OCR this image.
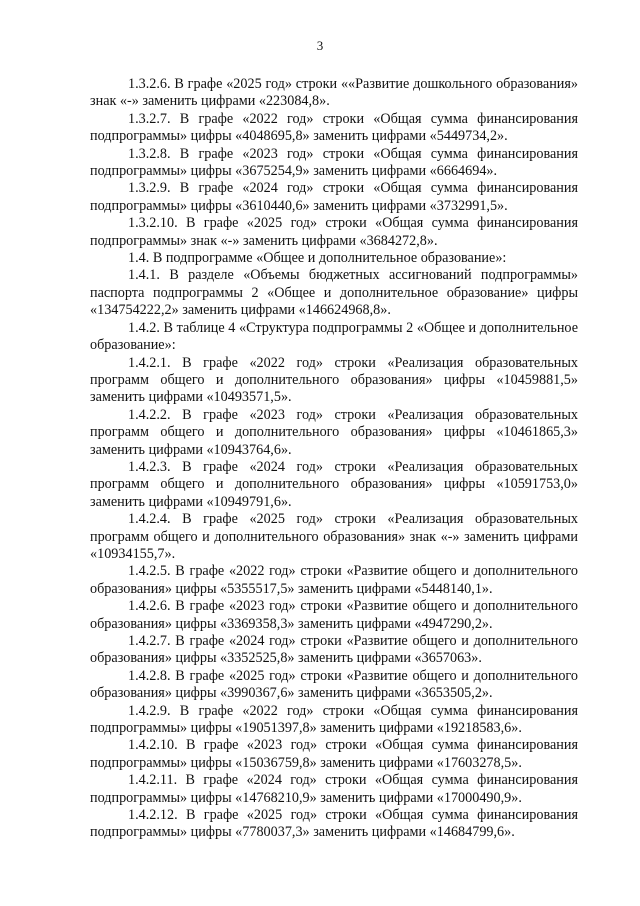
3

1.3.2.6. В графе «2025 год» строки ««Развитие дошкольного образования» знак «-» заменить цифрами «223084,8».

1.3.2.7. В графе «2022 год» строки «Общая сумма финансирования подпрограммы» цифры «4048695,8» заменить цифрами «5449734,2».

1.3.2.8. В графе «2023 год» строки «Общая сумма финансирования подпрограммы» цифры «3675254,9» заменить цифрами «6664694».

1.3.2.9. В графе «2024 год» строки «Общая сумма финансирования подпрограммы» цифры «3610440,6» заменить цифрами «3732991,5».

1.3.2.10. В графе «2025 год» строки «Общая сумма финансирования подпрограммы» знак «-» заменить цифрами «3684272,8».

1.4. В подпрограмме «Общее и дополнительное образование»:

1.4.1. В разделе «Объемы бюджетных ассигнований подпрограммы» паспорта подпрограммы 2 «Общее и дополнительное образование» цифры «134754222,2» заменить цифрами «146624968,8».

1.4.2. В таблице 4 «Структура подпрограммы 2 «Общее и дополнительное образование»:

1.4.2.1. В графе «2022 год» строки «Реализация образовательных программ общего и дополнительного образования» цифры «10459881,5» заменить цифрами «10493571,5».

1.4.2.2. В графе «2023 год» строки «Реализация образовательных программ общего и дополнительного образования» цифры «10461865,3» заменить цифрами «10943764,6».

1.4.2.3. В графе «2024 год» строки «Реализация образовательных программ общего и дополнительного образования» цифры «10591753,0» заменить цифрами «10949791,6».

1.4.2.4. В графе «2025 год» строки «Реализация образовательных программ общего и дополнительного образования» знак «-» заменить цифрами «10934155,7».

1.4.2.5. В графе «2022 год» строки «Развитие общего и дополнительного образования» цифры «5355517,5» заменить цифрами «5448140,1».

1.4.2.6. В графе «2023 год» строки «Развитие общего и дополнительного образования» цифры «3369358,3» заменить цифрами «4947290,2».

1.4.2.7. В графе «2024 год» строки «Развитие общего и дополнительного образования» цифры «3352525,8» заменить цифрами «3657063».

1.4.2.8. В графе «2025 год» строки «Развитие общего и дополнительного образования» цифры «3990367,6» заменить цифрами «3653505,2».

1.4.2.9. В графе «2022 год» строки «Общая сумма финансирования подпрограммы» цифры «19051397,8» заменить цифрами «19218583,6».

1.4.2.10. В графе «2023 год» строки «Общая сумма финансирования подпрограммы» цифры «15036759,8» заменить цифрами «17603278,5».

1.4.2.11. В графе «2024 год» строки «Общая сумма финансирования подпрограммы» цифры «14768210,9» заменить цифрами «17000490,9».

1.4.2.12. В графе «2025 год» строки «Общая сумма финансирования подпрограммы» цифры «7780037,3» заменить цифрами «14684799,6».
